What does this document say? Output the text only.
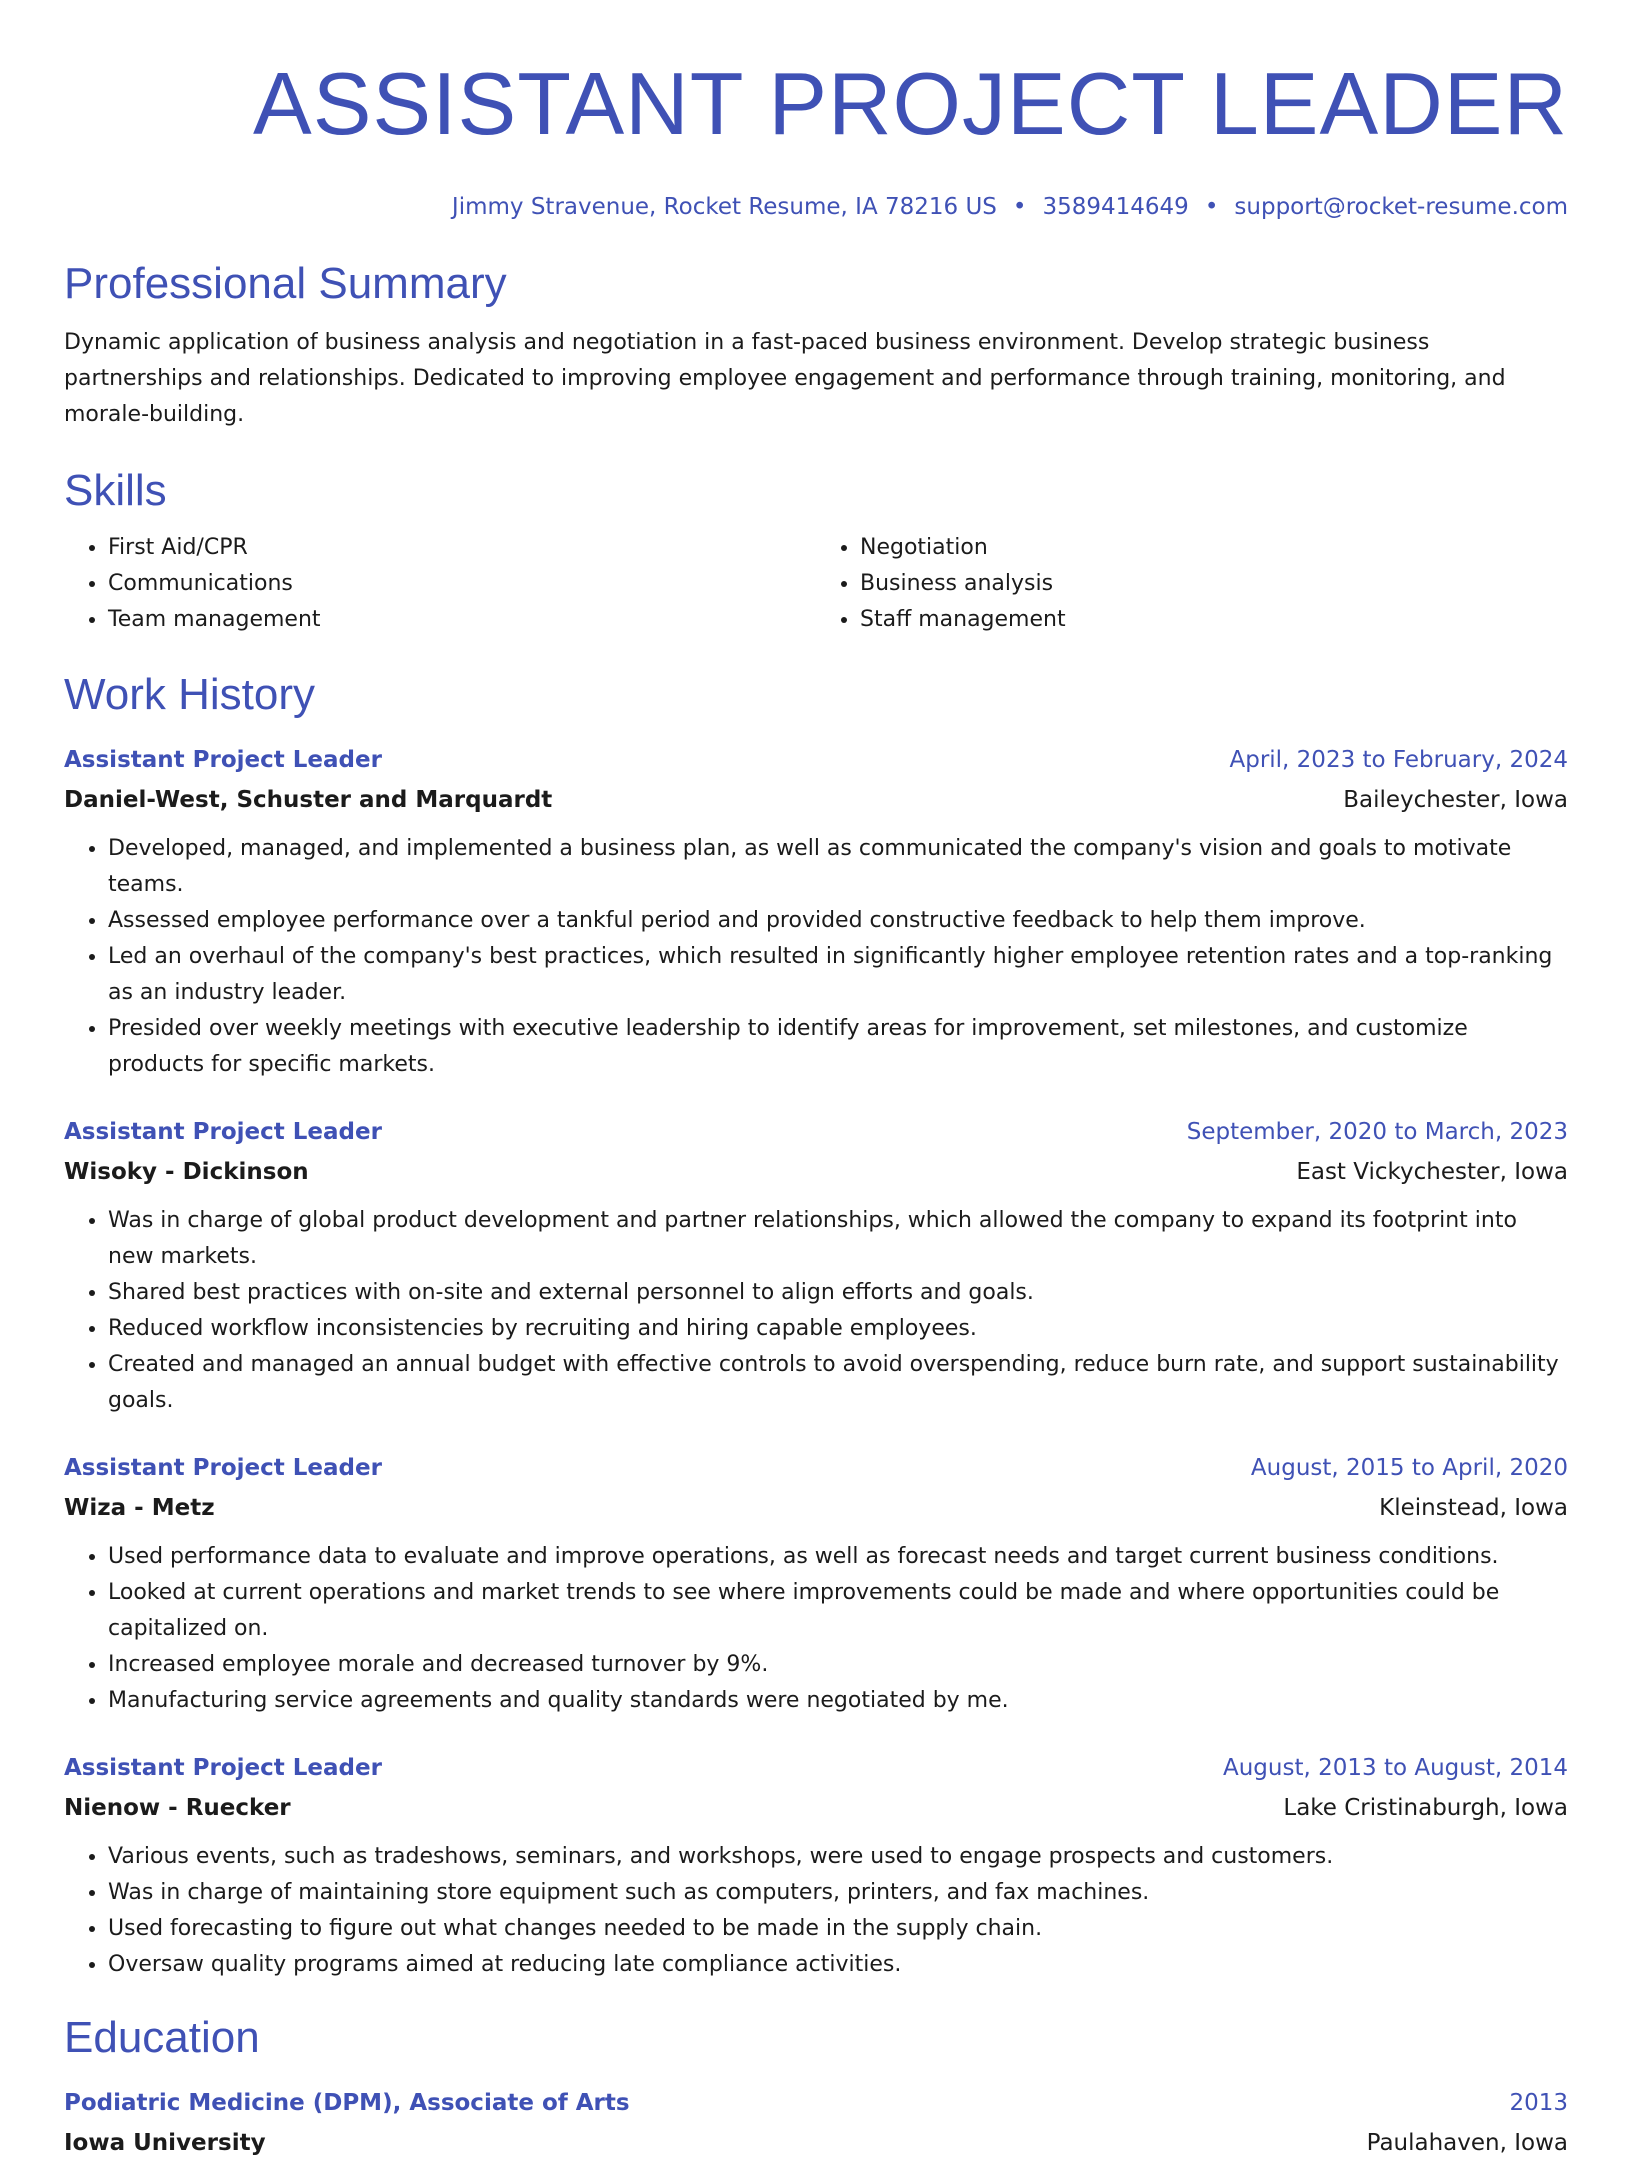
ASSISTANT PROJECT LEADER
Jimmy Stravenue, Rocket Resume, IA 78216 US • 3589414649 • support@rocket-resume.com
Professional Summary

Dynamic application of business analysis and negotiation in a fast-paced business environment. Develop strategic business partnerships and relationships. Dedicated to improving employee engagement and performance through training, monitoring, and morale-building.

Skills
• First Aid/CPR
• Communications
• Team management
• Negotiation
• Business analysis
• Staff management
Work History
Assistant Project Leader	April, 2023 to February, 2024
Daniel-West, Schuster and Marquardt	Baileychester, Iowa
• Developed, managed, and implemented a business plan, as well as communicated the company's vision and goals to motivate teams.
• Assessed employee performance over a tankful period and provided constructive feedback to help them improve.
• Led an overhaul of the company's best practices, which resulted in significantly higher employee retention rates and a top-ranking as an industry leader.
• Presided over weekly meetings with executive leadership to identify areas for improvement, set milestones, and customize products for specific markets.
Assistant Project Leader	September, 2020 to March, 2023
Wisoky - Dickinson	East Vickychester, Iowa
• Was in charge of global product development and partner relationships, which allowed the company to expand its footprint into new markets.
• Shared best practices with on-site and external personnel to align efforts and goals.
• Reduced workflow inconsistencies by recruiting and hiring capable employees.
• Created and managed an annual budget with effective controls to avoid overspending, reduce burn rate, and support sustainability goals.
Assistant Project Leader	August, 2015 to April, 2020
Wiza - Metz	Kleinstead, Iowa
• Used performance data to evaluate and improve operations, as well as forecast needs and target current business conditions.
• Looked at current operations and market trends to see where improvements could be made and where opportunities could be capitalized on.
• Increased employee morale and decreased turnover by 9%.
• Manufacturing service agreements and quality standards were negotiated by me.
Assistant Project Leader	August, 2013 to August, 2014
Nienow - Ruecker	Lake Cristinaburgh, Iowa
• Various events, such as tradeshows, seminars, and workshops, were used to engage prospects and customers.
• Was in charge of maintaining store equipment such as computers, printers, and fax machines.
• Used forecasting to figure out what changes needed to be made in the supply chain.
• Oversaw quality programs aimed at reducing late compliance activities.
Education
Podiatric Medicine (DPM), Associate of Arts	2013
Iowa University	Paulahaven, Iowa
